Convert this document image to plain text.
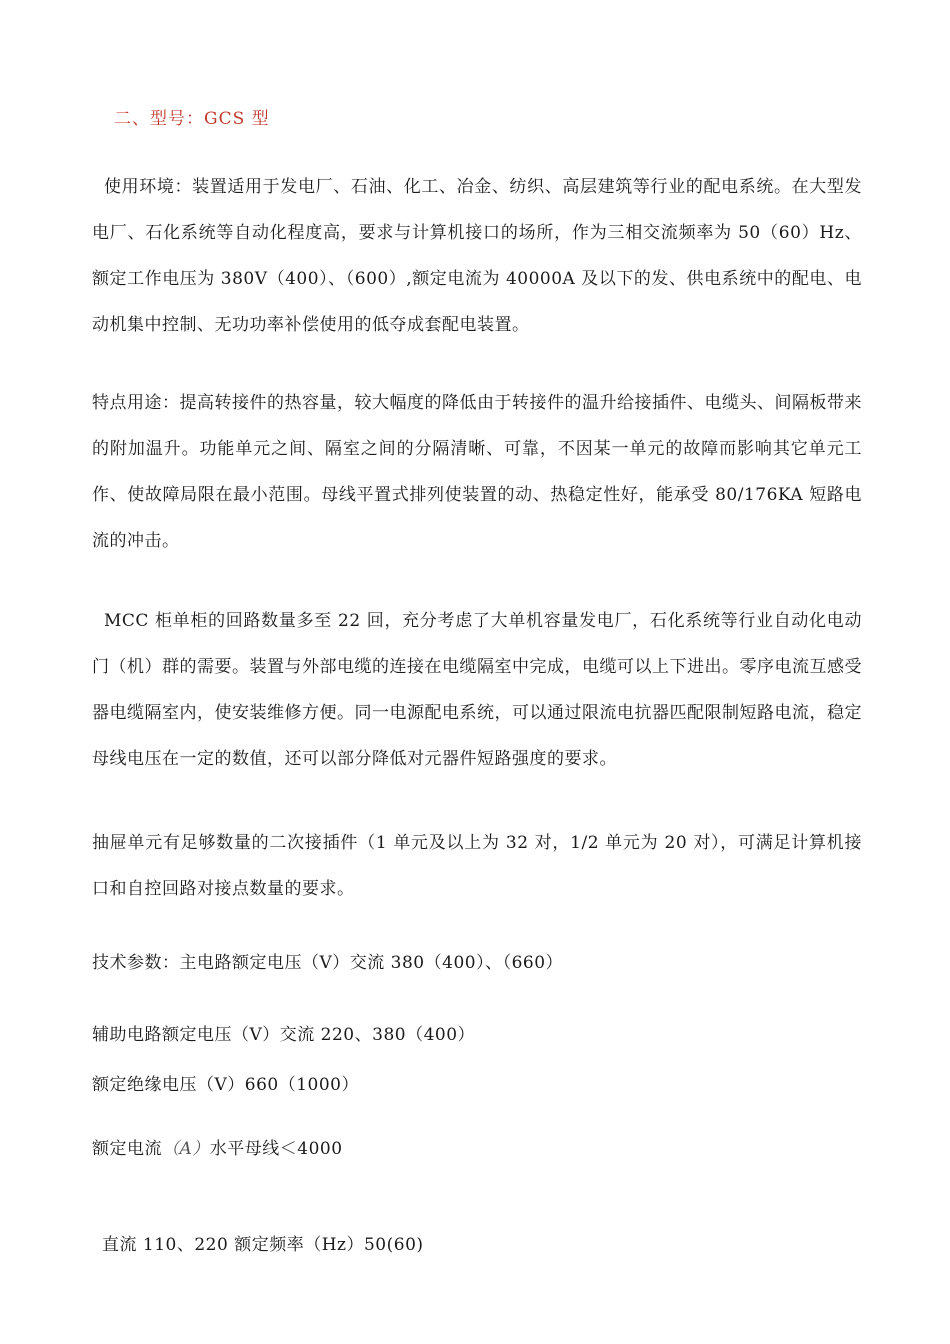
二、型号：GCS 型
使用环境：装置适用于发电厂、石油、化工、冶金、纺织、高层建筑等行业的配电系统。在大型发电厂、石化系统等自动化程度高，要求与计算机接口的场所，作为三相交流频率为 50（60）Hz、额定工作电压为 380V（400）、（600）,额定电流为 40000A 及以下的发、供电系统中的配电、电动机集中控制、无功功率补偿使用的低夺成套配电装置。
特点用途：提高转接件的热容量，较大幅度的降低由于转接件的温升给接插件、电缆头、间隔板带来的附加温升。功能单元之间、隔室之间的分隔清晰、可靠，不因某一单元的故障而影响其它单元工作、使故障局限在最小范围。母线平置式排列使装置的动、热稳定性好，能承受 80/176KA 短路电流的冲击。
MCC 柜单柜的回路数量多至 22 回，充分考虑了大单机容量发电厂，石化系统等行业自动化电动门（机）群的需要。装置与外部电缆的连接在电缆隔室中完成，电缆可以上下进出。零序电流互感受器电缆隔室内，使安装维修方便。同一电源配电系统，可以通过限流电抗器匹配限制短路电流，稳定母线电压在一定的数值，还可以部分降低对元器件短路强度的要求。
抽屉单元有足够数量的二次接插件（1 单元及以上为 32 对，1/2 单元为 20 对），可满足计算机接口和自控回路对接点数量的要求。
技术参数：主电路额定电压（V）交流 380（400）、（660）
辅助电路额定电压（V）交流 220、380（400）
额定绝缘电压（V）660（1000）
额定电流（A）水平母线＜4000
直流 110、220 额定频率（Hz）50(60)
